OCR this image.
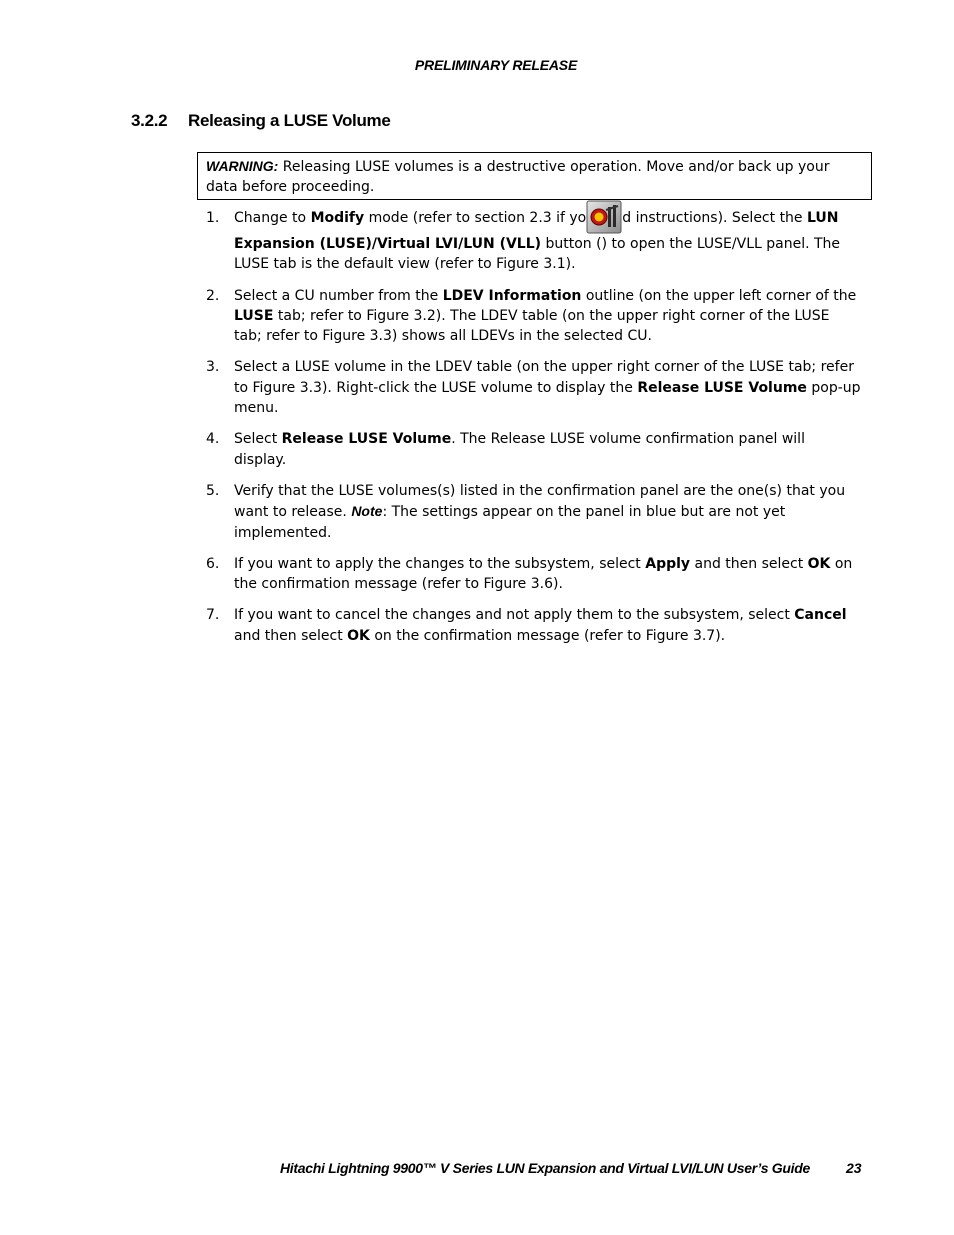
PRELIMINARY RELEASE
3.2.2 Releasing a LUSE Volume
WARNING: Releasing LUSE volumes is a destructive operation. Move and/or back up your data before proceeding.
1. Change to Modify mode (refer to section 2.3 if yo	d instructions). Select the LUN Expansion (LUSE)/Virtual LVI/LUN (VLL) button () to open the LUSE/VLL panel. The LUSE tab is the default view (refer to Figure 3.1).
2. Select a CU number from the LDEV Information outline (on the upper left corner of the LUSE tab; refer to Figure 3.2). The LDEV table (on the upper right corner of the LUSE tab; refer to Figure 3.3) shows all LDEVs in the selected CU.
3. Select a LUSE volume in the LDEV table (on the upper right corner of the LUSE tab; refer to Figure 3.3). Right-click the LUSE volume to display the Release LUSE Volume pop-up menu.
4. Select Release LUSE Volume. The Release LUSE volume confirmation panel will display.
5. Verify that the LUSE volumes(s) listed in the confirmation panel are the one(s) that you want to release. Note: The settings appear on the panel in blue but are not yet implemented.
6. If you want to apply the changes to the subsystem, select Apply and then select OK on the confirmation message (refer to Figure 3.6).
7. If you want to cancel the changes and not apply them to the subsystem, select Cancel and then select OK on the confirmation message (refer to Figure 3.7).
Hitachi Lightning 9900™ V Series LUN Expansion and Virtual LVI/LUN User’s Guide	23
